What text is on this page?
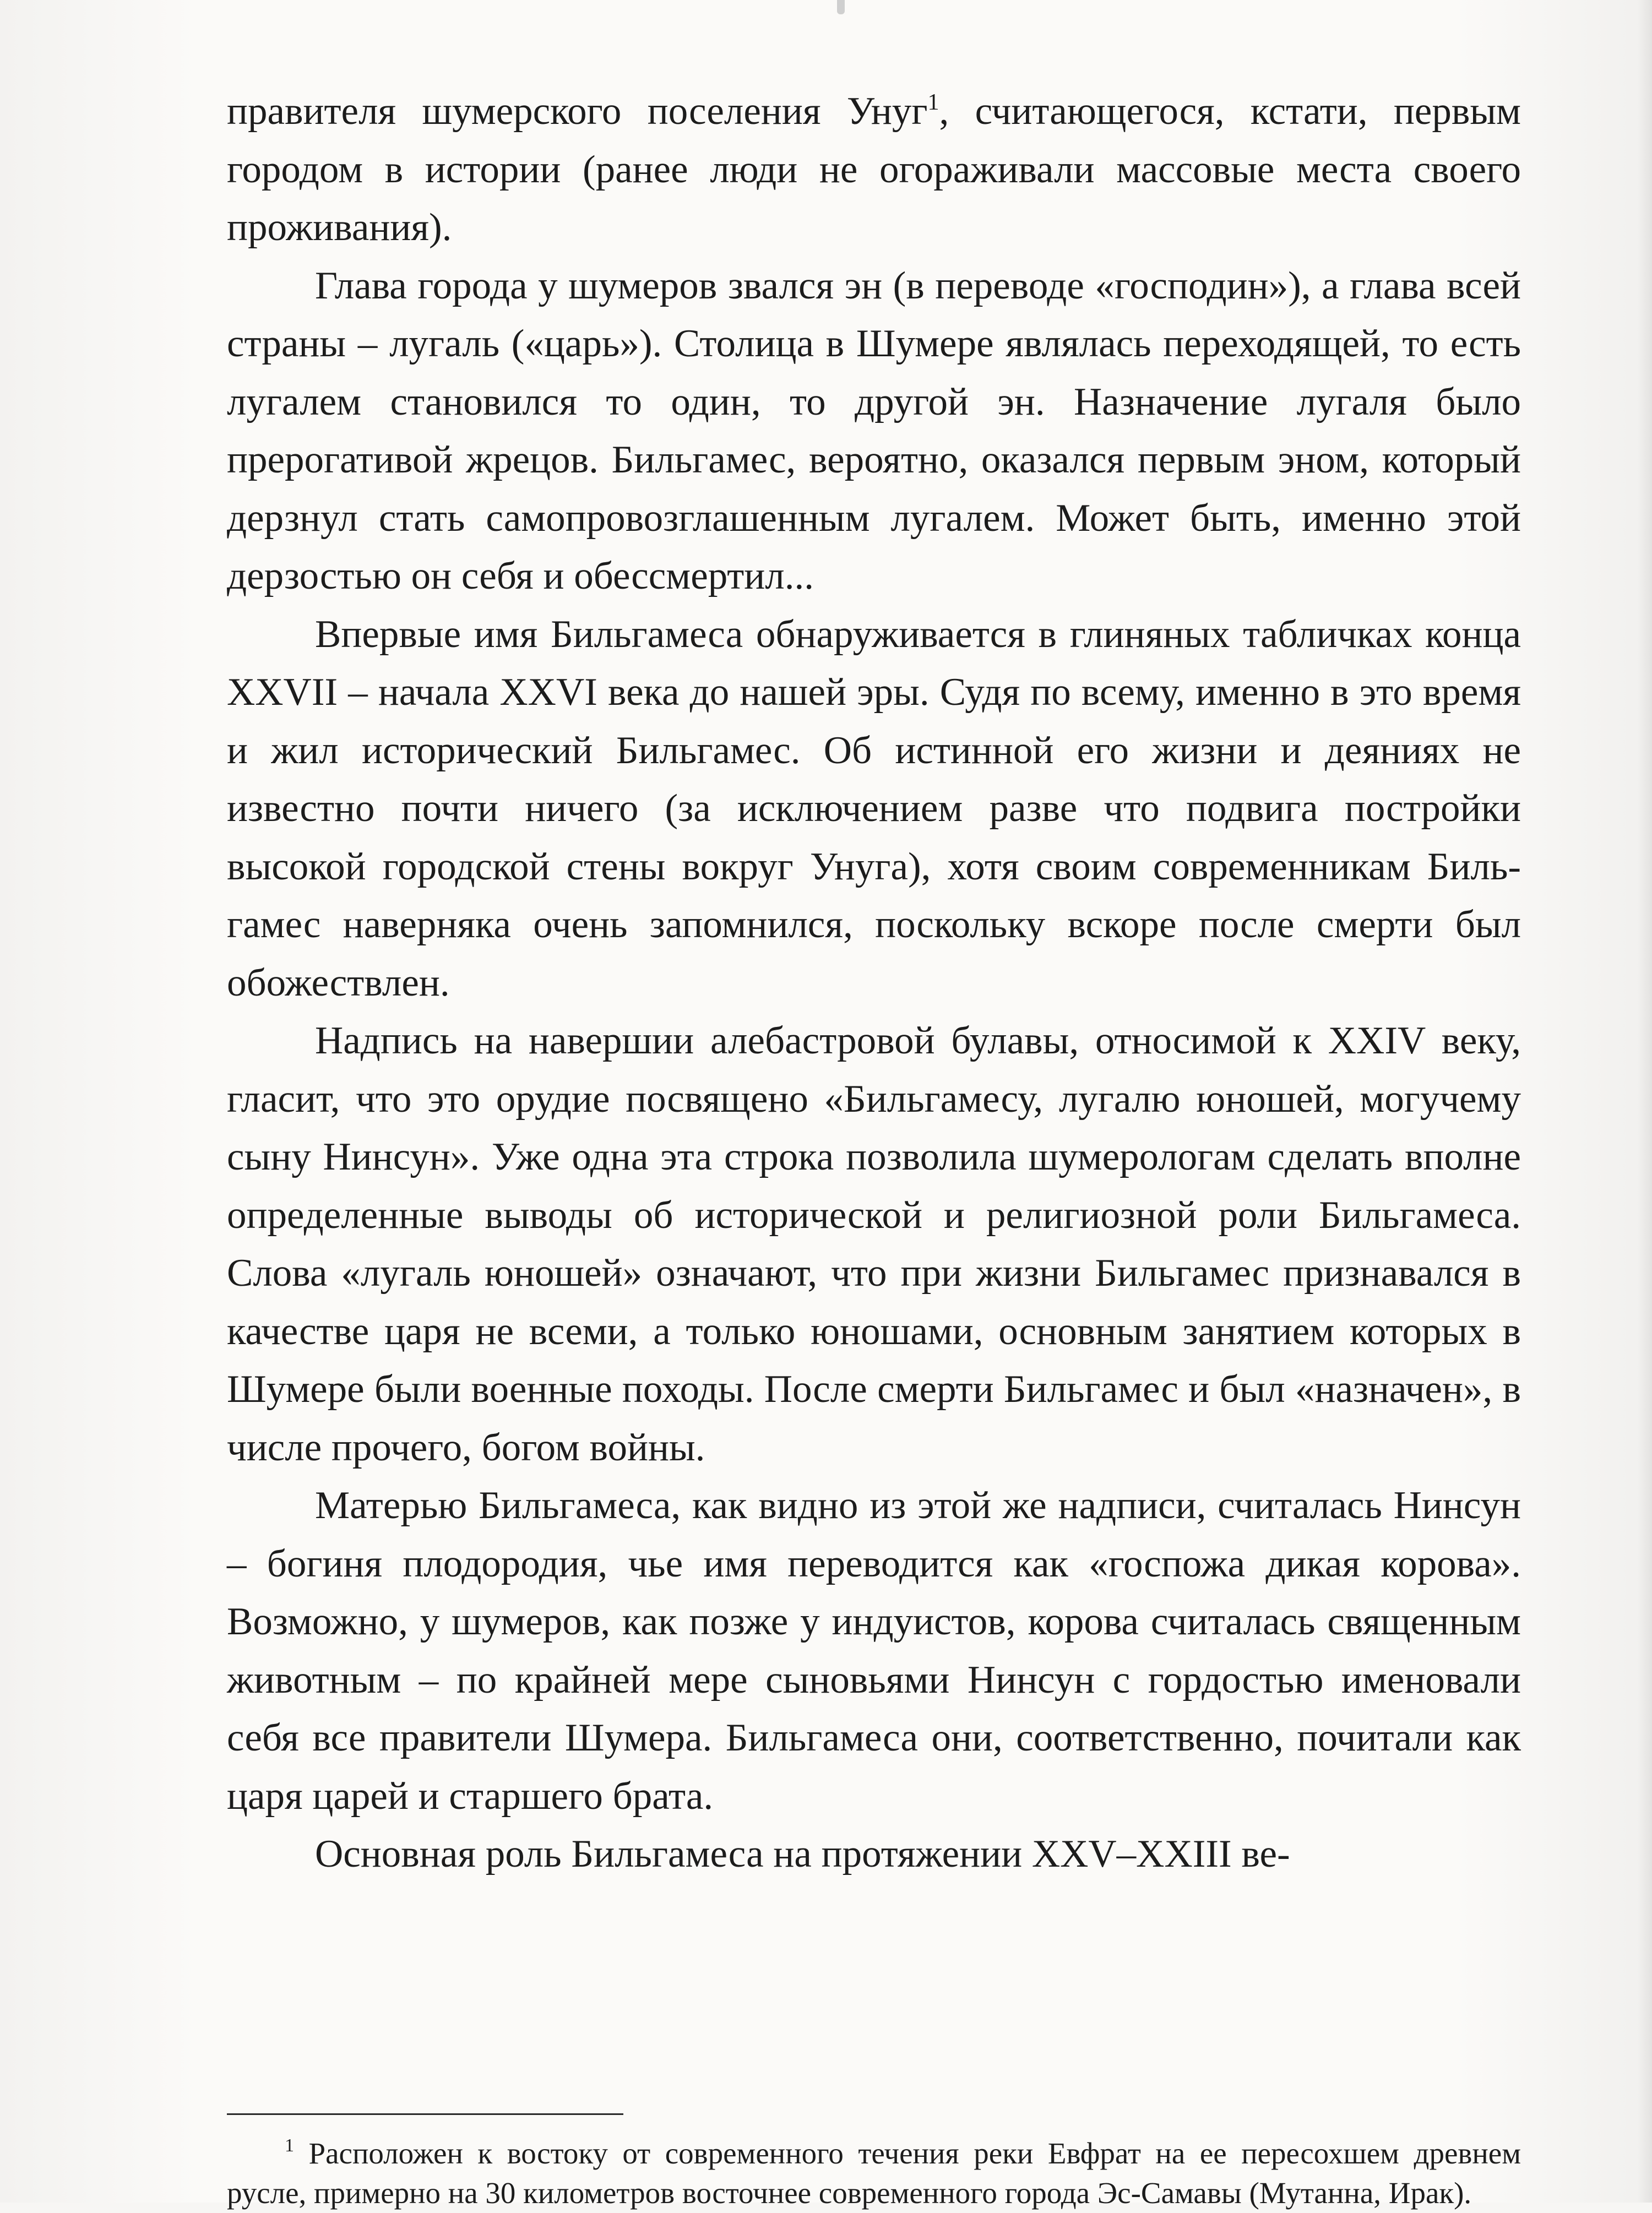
правителя шумерского поселения Унуг$^1$, считающегося, кстати, первым городом в истории (ранее люди не огораживали массовые места своего проживания).

Глава города у шумеров звался эн (в переводе «господин»), а глава всей страны – лугаль («царь»). Столица в Шумере являлась переходящей, то есть лугалем становился то один, то другой эн. Назначение лугаля было прерогативой жрецов. Бильгамес, вероятно, оказался первым эном, который дерзнул стать самопровозглашенным лугалем. Может быть, именно этой дерзостью он себя и обессмертил...

Впервые имя Бильгамеса обнаруживается в глиняных табличках конца XXVII – начала XXVI века до нашей эры. Судя по всему, именно в это время и жил исторический Бильгамес. Об истинной его жизни и деяниях не известно почти ничего (за исключением разве что подвига постройки высокой городской стены вокруг Унуга), хотя своим современникам Бильгамес наверняка очень запомнился, поскольку вскоре после смерти был обожествлен.

Надпись на навершии алебастровой булавы, относимой к XXIV веку, гласит, что это орудие посвящено «Бильгамесу, лугалю юношей, могучему сыну Нинсун». Уже одна эта строка позволила шумерологам сделать вполне определенные выводы об исторической и религиозной роли Бильгамеса. Слова «лугаль юношей» означают, что при жизни Бильгамес признавался в качестве царя не всеми, а только юношами, основным занятием которых в Шумере были военные походы. После смерти Бильгамес и был «назначен», в числе прочего, богом войны.

Матерью Бильгамеса, как видно из этой же надписи, считалась Нинсун – богиня плодородия, чье имя переводится как «госпожа дикая корова». Возможно, у шумеров, как позже у индуистов, корова считалась священным животным – по крайней мере сыновьями Нинсун с гордостью именовали себя все правители Шумера. Бильгамеса они, соответственно, почитали как царя царей и старшего брата.

Основная роль Бильгамеса на протяжении XXV–XXIII ве-

$^1$ Расположен к востоку от современного течения реки Евфрат на ее пересохшем древнем русле, примерно на 30 километров восточнее современного города Эс-Самавы (Мутанна, Ирак).
